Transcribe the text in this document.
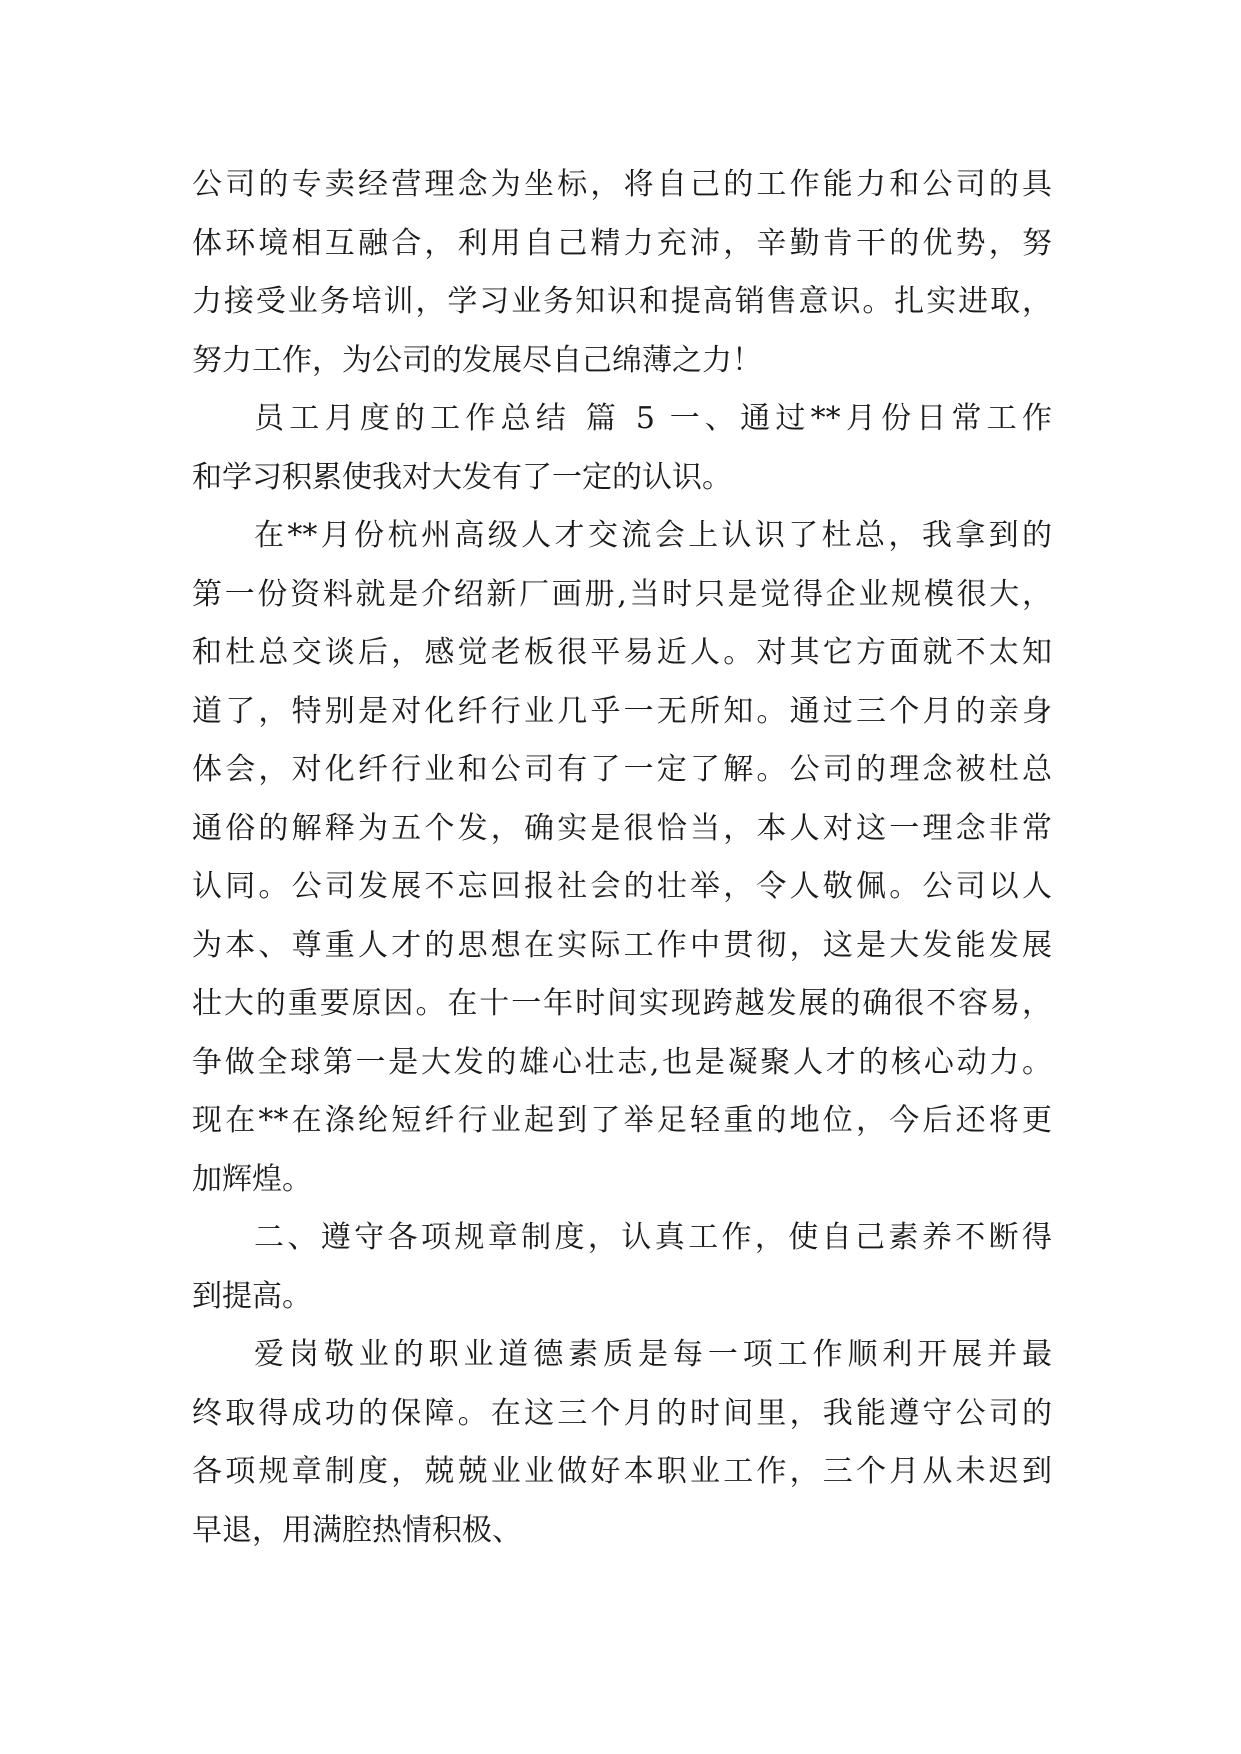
公司的专卖经营理念为坐标，将自己的工作能力和公司的具
体环境相互融合，利用自己精力充沛，辛勤肯干的优势，努
力接受业务培训，学习业务知识和提高销售意识。扎实进取，
努力工作，为公司的发展尽自己绵薄之力！
员工月度的工作总结 篇 5 一、通过**月份日常工作
和学习积累使我对大发有了一定的认识。
在**月份杭州高级人才交流会上认识了杜总，我拿到的
第一份资料就是介绍新厂画册,当时只是觉得企业规模很大，
和杜总交谈后，感觉老板很平易近人。对其它方面就不太知
道了，特别是对化纤行业几乎一无所知。通过三个月的亲身
体会，对化纤行业和公司有了一定了解。公司的理念被杜总
通俗的解释为五个发，确实是很恰当，本人对这一理念非常
认同。公司发展不忘回报社会的壮举，令人敬佩。公司以人
为本、尊重人才的思想在实际工作中贯彻，这是大发能发展
壮大的重要原因。在十一年时间实现跨越发展的确很不容易，
争做全球第一是大发的雄心壮志,也是凝聚人才的核心动力。
现在**在涤纶短纤行业起到了举足轻重的地位，今后还将更
加辉煌。
二、遵守各项规章制度，认真工作，使自己素养不断得
到提高。
爱岗敬业的职业道德素质是每一项工作顺利开展并最
终取得成功的保障。在这三个月的时间里，我能遵守公司的
各项规章制度，兢兢业业做好本职业工作，三个月从未迟到
早退，用满腔热情积极、
